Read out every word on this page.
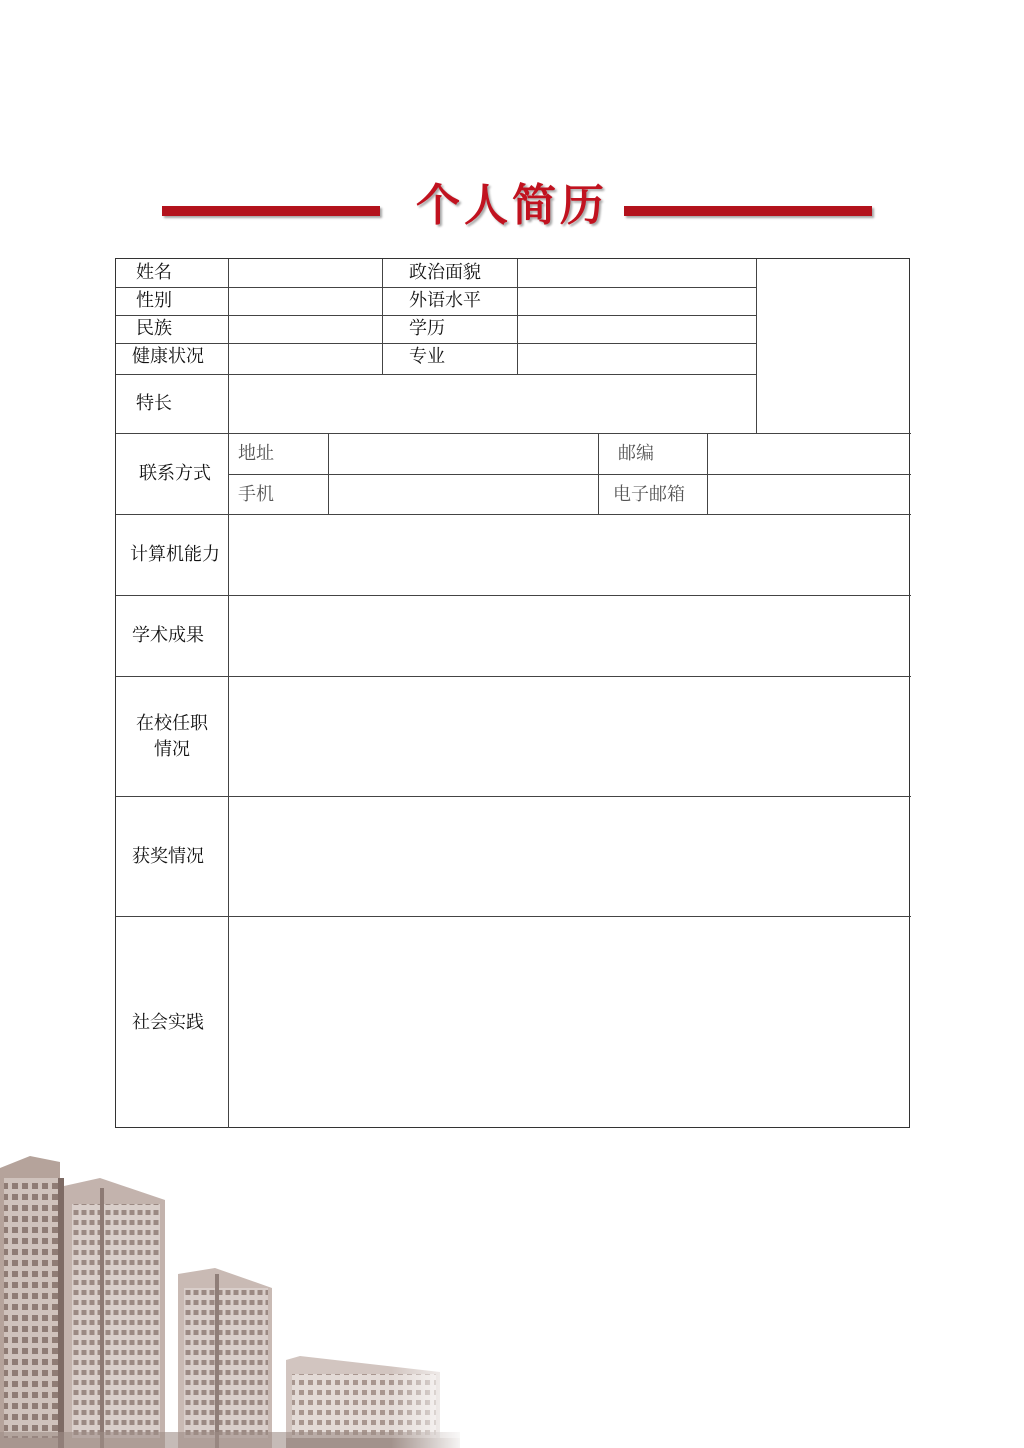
个人简历
姓名	政治面貌
性别	外语水平
民族	学历
健康状况	专业
特长
联系方式
地址	邮编
手机	电子邮箱
计算机能力
学术成果
在校任职
情况
获奖情况
社会实践
